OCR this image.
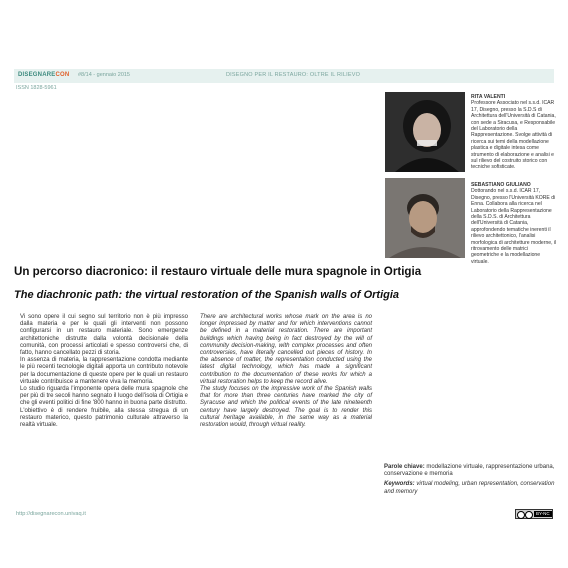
DISEGNARECON #8/14 - gennaio 2015	DISEGNO PER IL RESTAURO: OLTRE IL RILIEVO
ISSN 1828-5961
RITA VALENTI
Professore Associato nel s.s.d. ICAR 17, Disegno, presso la S.D.S di Architettura dell'Università di Catania, con sede a Siracusa, e Responsabile del Laboratorio della Rappresentazione. Svolge attività di ricerca sui temi della modellazione plastica e digitale intesa come strumento di elaborazione e analisi e sul rilievo del costruito storico con tecniche sofisticate.
SEBASTIANO GIULIANO
Dottorando nel s.s.d. ICAR 17, Disegno, presso l'Università KORE di Enna. Collabora alla ricerca nel Laboratorio della Rappresentazione della S.D.S. di Architettura dell'Università di Catania, approfondendo tematiche inerenti il rilievo architettonico, l'analisi morfologica di architetture moderne, il ritrovamento delle matrici geometriche e la modellazione virtuale.
Un percorso diacronico: il restauro virtuale delle mura spagnole in Ortigia
The diachronic path: the virtual restoration of the Spanish walls of Ortigia

Vi sono opere il cui segno sul territorio non è più impresso dalla materia e per le quali gli interventi non possono configurarsi in un restauro materiale. Sono emergenze architettoniche distrutte dalla volontà decisionale della comunità, con processi articolati e spesso controversi che, di fatto, hanno cancellato pezzi di storia.

In assenza di materia, la rappresentazione condotta mediante le più recenti tecnologie digitali apporta un contributo notevole per la documentazione di queste opere per le quali un restauro virtuale contribuisce a mantenere viva la memoria.

Lo studio riguarda l'imponente opera delle mura spagnole che per più di tre secoli hanno segnato il luogo dell'isola di Ortigia e che gli eventi politici di fine '800 hanno in buona parte distrutto.

L'obiettivo è di rendere fruibile, alla stessa stregua di un restauro materico, questo patrimonio culturale attraverso la realtà virtuale.

There are architectural works whose mark on the area is no longer impressed by matter and for which interventions cannot be defined in a material restoration. There are important buildings which having being in fact destroyed by the will of community decision-making, with complex processes and often controversies, have literally cancelled out pieces of history. In the absence of matter, the representation conducted using the latest digital technology, which has made a significant contribution to the documentation of these works for which a virtual restoration helps to keep the record alive.

The study focuses on the impressive work of the Spanish walls that for more than three centuries have marked the city of Syracuse and which the political events of the late nineteenth century have largely destroyed. The goal is to render this cultural heritage available, in the same way as a material restoration would, through virtual reality.

Parole chiave: modellazione virtuale, rappresentazione urbana, conservazione e memoria

Keywords: virtual modeling, urban representation, conservation and memory

http://disegnarecon.univaq.it	BY-NC
